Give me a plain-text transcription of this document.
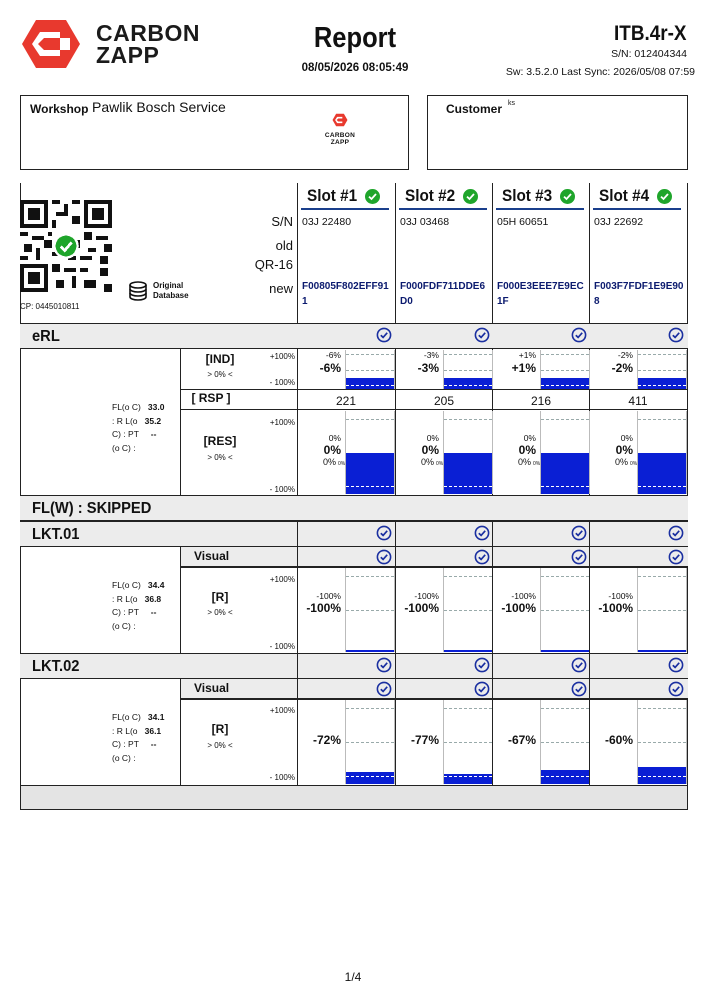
CARBON
ZAPP
Report
08/05/2026 08:05:49
ITB.4r-X
S/N: 012404344
Sw: 3.5.2.0 Last Sync: 2026/05/08 07:59
Workshop Pawlik Bosch Service
CARBON ZAPP
Customer ks
CP: 0445010811
Original
Database
S/N
old
QR-16
new
eRL
[IND]
> 0% <
+100%
- 100%
[ RSP ]
[RES]
> 0% <
+100%
- 100%
FL(o C) 33.0
: R L(o 35.2
C) : PT --
(o C) :
FL(W) : SKIPPED
LKT.01
Visual
[R]
> 0% <
+100%
- 100%
FL(o C) 34.4
: R L(o 36.8
C) : PT --
(o C) :
LKT.02
Visual
[R]
> 0% <
+100%
- 100%
FL(o C) 34.1
: R L(o 36.1
C) : PT --
(o C) :
1/4
Slot #1
03J 22480
F00805F802EFF911
-6%
-6%
221
0%
0%
0% 0%
-100%
-100%
-72%
Slot #2
03J 03468
F000FDF711DDE6D0
-3%
-3%
205
0%
0%
0% 0%
-100%
-100%
-77%
Slot #3
05H 60651
F000E3EEE7E9EC1F
+1%
+1%
216
0%
0%
0% 0%
-100%
-100%
-67%
Slot #4
03J 22692
F003F7FDF1E9E908
-2%
-2%
411
0%
0%
0% 0%
-100%
-100%
-60%
